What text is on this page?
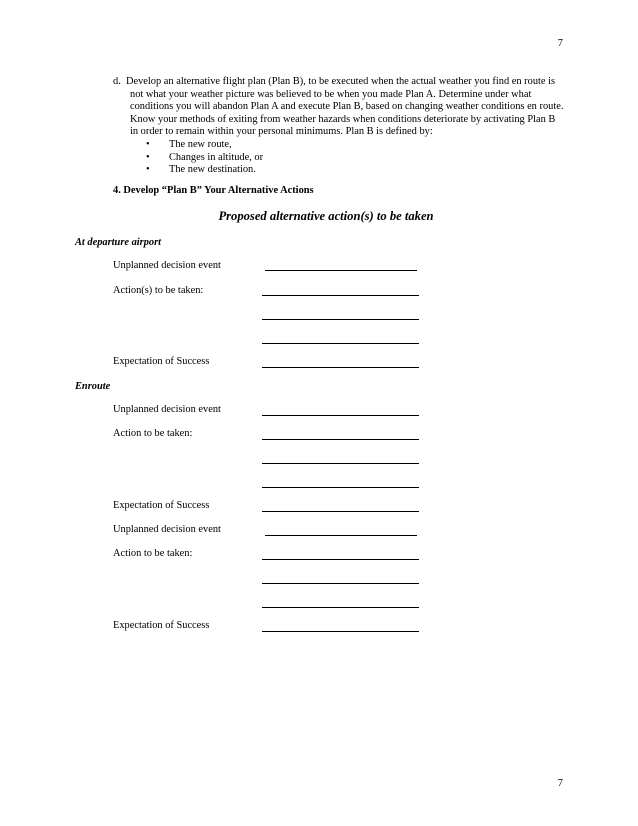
7
d. Develop an alternative flight plan (Plan B), to be executed when the actual weather you find en route is not what your weather picture was believed to be when you made Plan A. Determine under what conditions you will abandon Plan A and execute Plan B, based on changing weather conditions en route. Know your methods of exiting from weather hazards when conditions deteriorate by activating Plan B in order to remain within your personal minimums. Plan B is defined by:
• The new route,
• Changes in altitude, or
• The new destination.
4. Develop “Plan B” Your Alternative Actions
Proposed alternative action(s) to be taken
At departure airport
Unplanned decision event
Action(s) to be taken:
Expectation of Success
Enroute
Unplanned decision event
Action to be taken:
Expectation of Success
Unplanned decision event
Action to be taken:
Expectation of Success
7
